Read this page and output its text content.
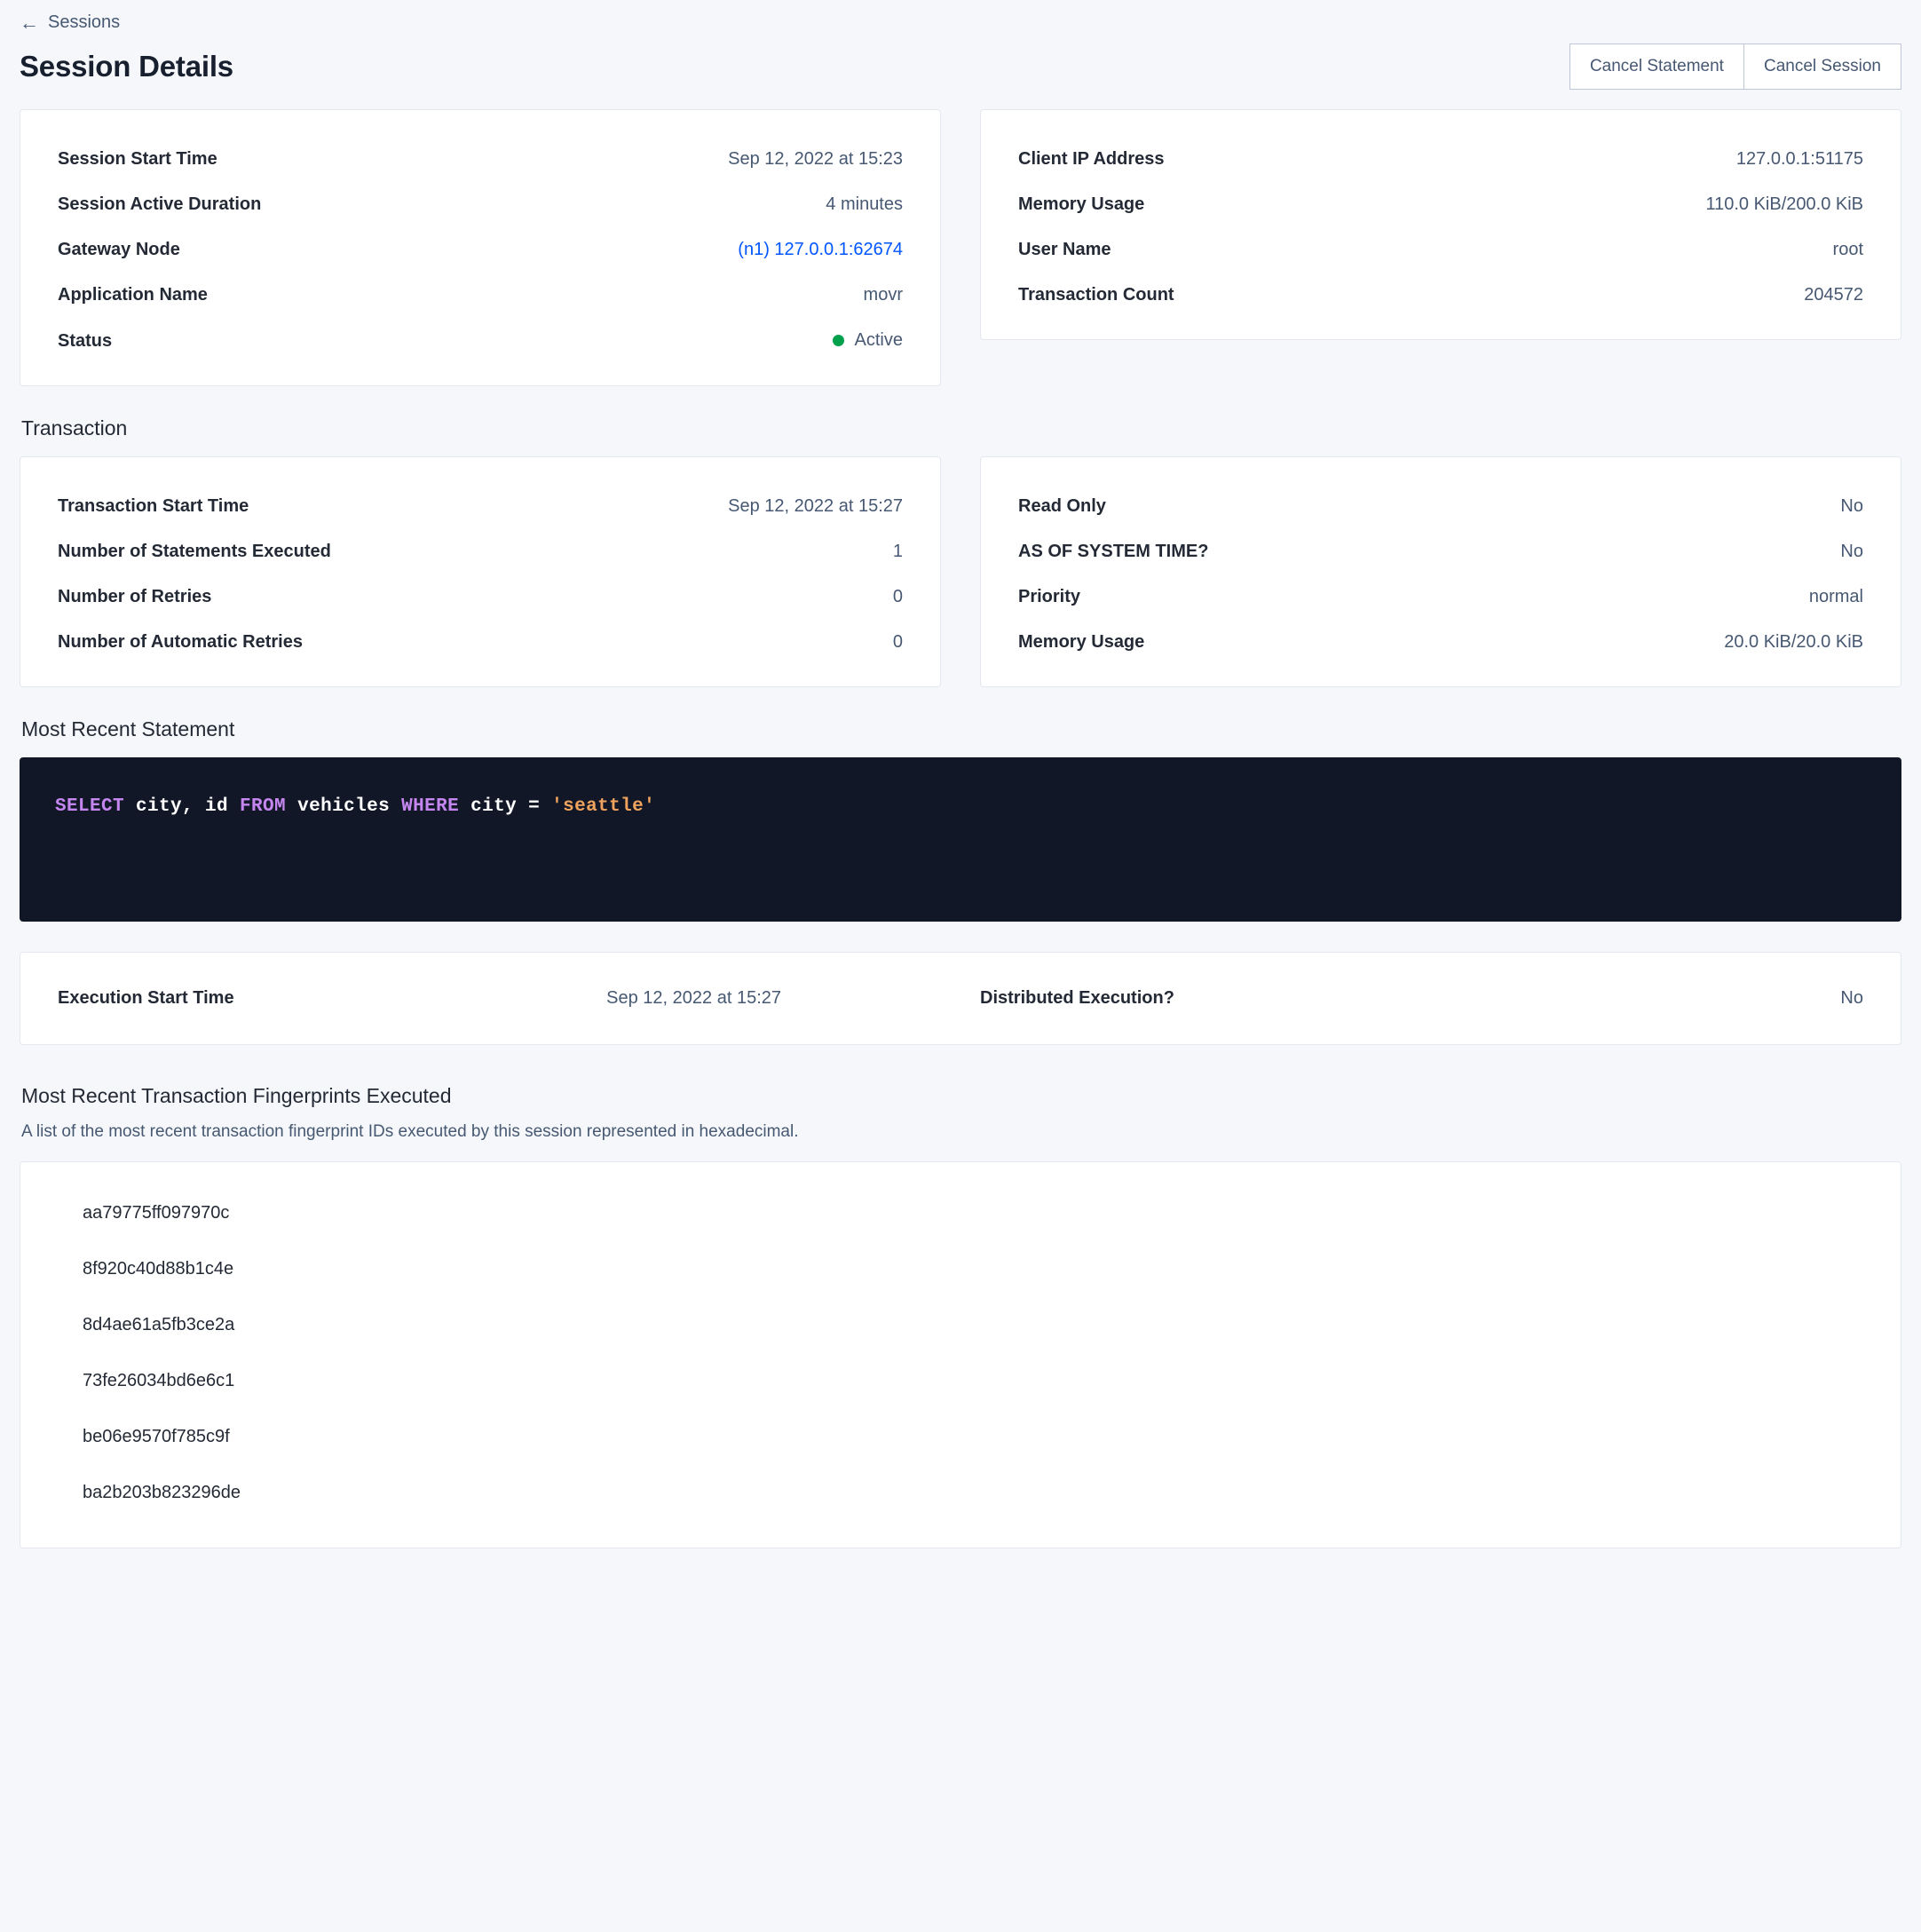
← Sessions
Session Details	Cancel Statement	Cancel Session
Session Start Time	Sep 12, 2022 at 15:23
Session Active Duration	4 minutes
Gateway Node	(n1) 127.0.0.1:62674
Application Name	movr
Status	Active
Client IP Address	127.0.0.1:51175
Memory Usage	110.0 KiB/200.0 KiB
User Name	root
Transaction Count	204572
Transaction
Transaction Start Time	Sep 12, 2022 at 15:27
Number of Statements Executed	1
Number of Retries	0
Number of Automatic Retries	0
Read Only	No
AS OF SYSTEM TIME?	No
Priority	normal
Memory Usage	20.0 KiB/20.0 KiB
Most Recent Statement
SELECT city, id FROM vehicles WHERE city = 'seattle'
Execution Start Time	Sep 12, 2022 at 15:27	Distributed Execution?	No
Most Recent Transaction Fingerprints Executed

A list of the most recent transaction fingerprint IDs executed by this session represented in hexadecimal.

aa79775ff097970c
8f920c40d88b1c4e
8d4ae61a5fb3ce2a
73fe26034bd6e6c1
be06e9570f785c9f
ba2b203b823296de
